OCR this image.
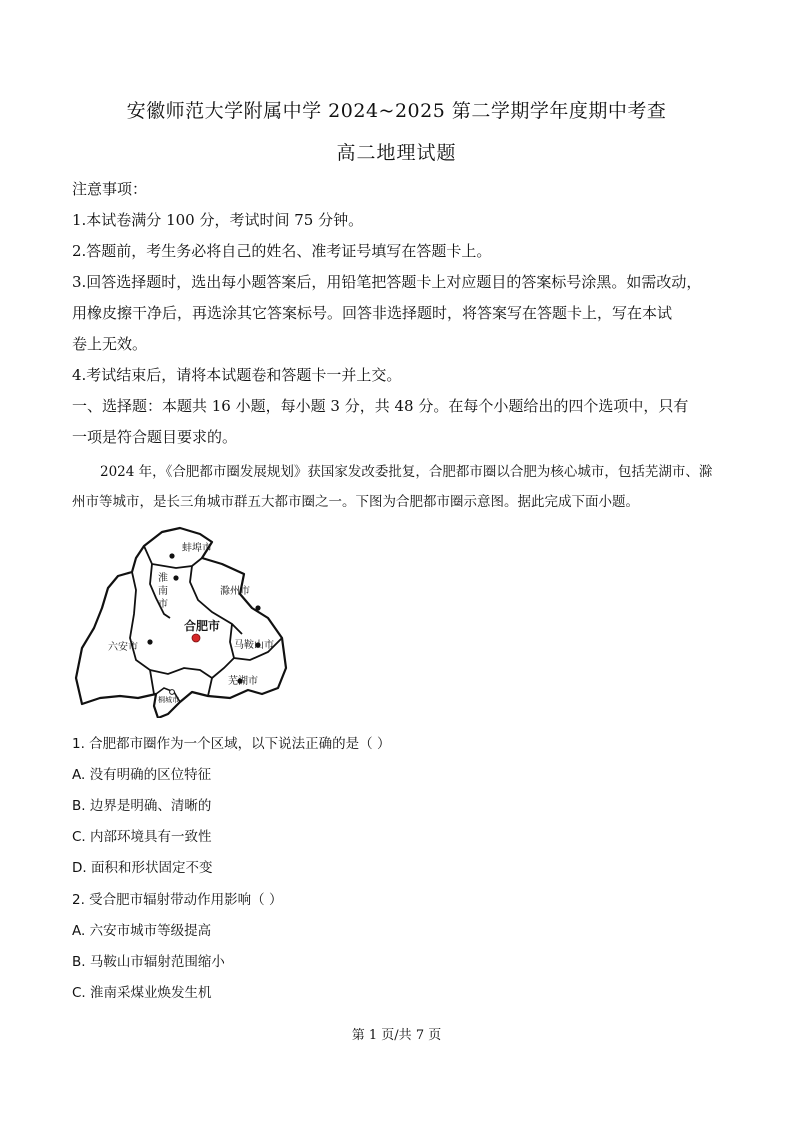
安徽师范大学附属中学 2024~2025 第二学期学年度期中考查
高二地理试题
注意事项：
1.本试卷满分 100 分，考试时间 75 分钟。
2.答题前，考生务必将自己的姓名、准考证号填写在答题卡上。
3.回答选择题时，选出每小题答案后，用铅笔把答题卡上对应题目的答案标号涂黑。如需改动，
用橡皮擦干净后，再选涂其它答案标号。回答非选择题时，将答案写在答题卡上，写在本试
卷上无效。
4.考试结束后，请将本试题卷和答题卡一并上交。
一、选择题：本题共 16 小题，每小题 3 分，共 48 分。在每个小题给出的四个选项中，只有
一项是符合题目要求的。
2024 年，《合肥都市圈发展规划》获国家发改委批复，合肥都市圈以合肥为核心城市，包括芜湖市、滁
州市等城市，是长三角城市群五大都市圈之一。下图为合肥都市圈示意图。据此完成下面小题。
蚌埠市
淮
南
市
滁州市
合肥市
六安市	马鞍山市
芜湖市
桐城市
1. 合肥都市圈作为一个区域，以下说法正确的是（ ）
A. 没有明确的区位特征
B. 边界是明确、清晰的
C. 内部环境具有一致性
D. 面积和形状固定不变
2. 受合肥市辐射带动作用影响（ ）
A. 六安市城市等级提高
B. 马鞍山市辐射范围缩小
C. 淮南采煤业焕发生机
第 1 页/共 7 页
